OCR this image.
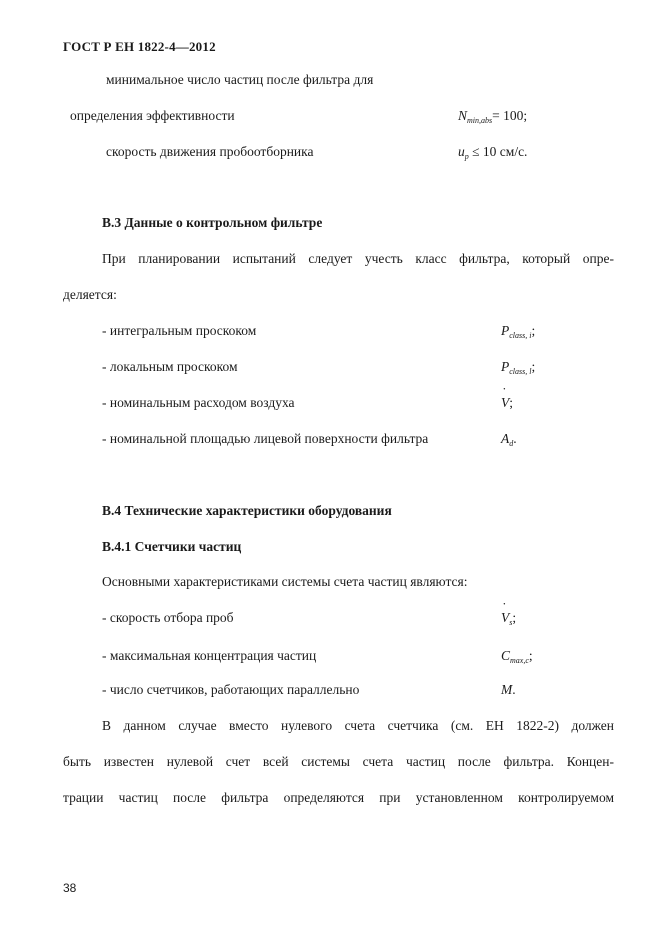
ГОСТ Р ЕН 1822-4—2012
минимальное число частиц после фильтра для
определения эффективности	$N_{min,abs}= 100$;
скорость движения пробоотборника	$u_p \le 10$ см/с.
В.3 Данные о контрольном фильтре
При планировании испытаний следует учесть класс фильтра, который опре-
деляется:
- интегральным проскоком	$P_{class, i}$;
- локальным проскоком	$P_{class, l}$;
- номинальным расходом воздуха	˙ V;
- номинальной площадью лицевой поверхности фильтра	$A_d$.
В.4 Технические характеристики оборудования
В.4.1 Счетчики частиц
Основными характеристиками системы счета частиц являются:
- скорость отбора проб	˙ $V_s$;
- максимальная концентрация частиц	$C_{max,c}$;
- число счетчиков, работающих параллельно	M.
В данном случае вместо нулевого счета счетчика (см. ЕН 1822-2) должен
быть известен нулевой счет всей системы счета частиц после фильтра. Концен-
трации частиц после фильтра определяются при установленном контролируемом
38
